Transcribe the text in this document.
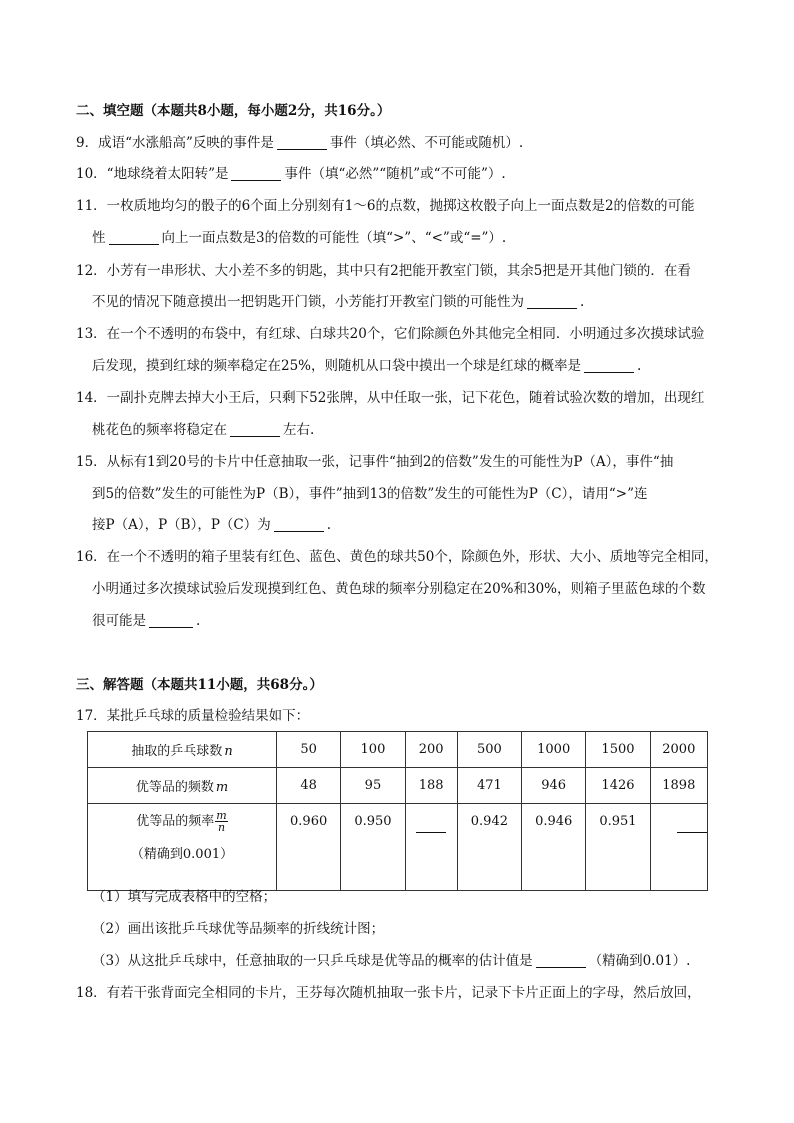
二、填空题（本题共8小题，每小题2分，共16分。）
9．成语“水涨船高”反映的事件是	事件（填必然、不可能或随机）.
10．“地球绕着太阳转”是	事件（填“必然”“随机”或“不可能”）.
11．一枚质地均匀的骰子的6个面上分别刻有1～6的点数，抛掷这枚骰子向上一面点数是2的倍数的可能
性	向上一面点数是3的倍数的可能性（填“>”、“<”或“=”）.
12．小芳有一串形状、大小差不多的钥匙，其中只有2把能开教室门锁，其余5把是开其他门锁的．在看
不见的情况下随意摸出一把钥匙开门锁，小芳能打开教室门锁的可能性为	.
13．在一个不透明的布袋中，有红球、白球共20个，它们除颜色外其他完全相同．小明通过多次摸球试验
后发现，摸到红球的频率稳定在25%，则随机从口袋中摸出一个球是红球的概率是	.
14．一副扑克牌去掉大小王后，只剩下52张牌，从中任取一张，记下花色，随着试验次数的增加，出现红
桃花色的频率将稳定在	左右.
15．从标有1到20号的卡片中任意抽取一张，记事件“抽到2的倍数”发生的可能性为P（A），事件“抽
到5的倍数”发生的可能性为P（B），事件”抽到13的倍数”发生的可能性为P（C），请用“>”连
接P（A），P（B），P（C）为	.
16．在一个不透明的箱子里装有红色、蓝色、黄色的球共50个，除颜色外，形状、大小、质地等完全相同，
小明通过多次摸球试验后发现摸到红色、黄色球的频率分别稳定在20%和30%，则箱子里蓝色球的个数
很可能是	.
三、解答题（本题共11小题，共68分。）
17．某批乒乓球的质量检验结果如下：
抽取的乒乓球数 n	50	100	200	500	1000	1500	2000
优等品的频数 m	48	95	188	471	946	1426	1898
优等品的频率 $\frac{m}{n}$
（精确到0.001）	0.960	0.950		0.942	0.946	0.951	
（1）填写完成表格中的空格；
（2）画出该批乒乓球优等品频率的折线统计图；
（3）从这批乒乓球中，任意抽取的一只乒乓球是优等品的概率的估计值是	（精确到0.01）.
18．有若干张背面完全相同的卡片，王芬每次随机抽取一张卡片，记录下卡片正面上的字母，然后放回，
